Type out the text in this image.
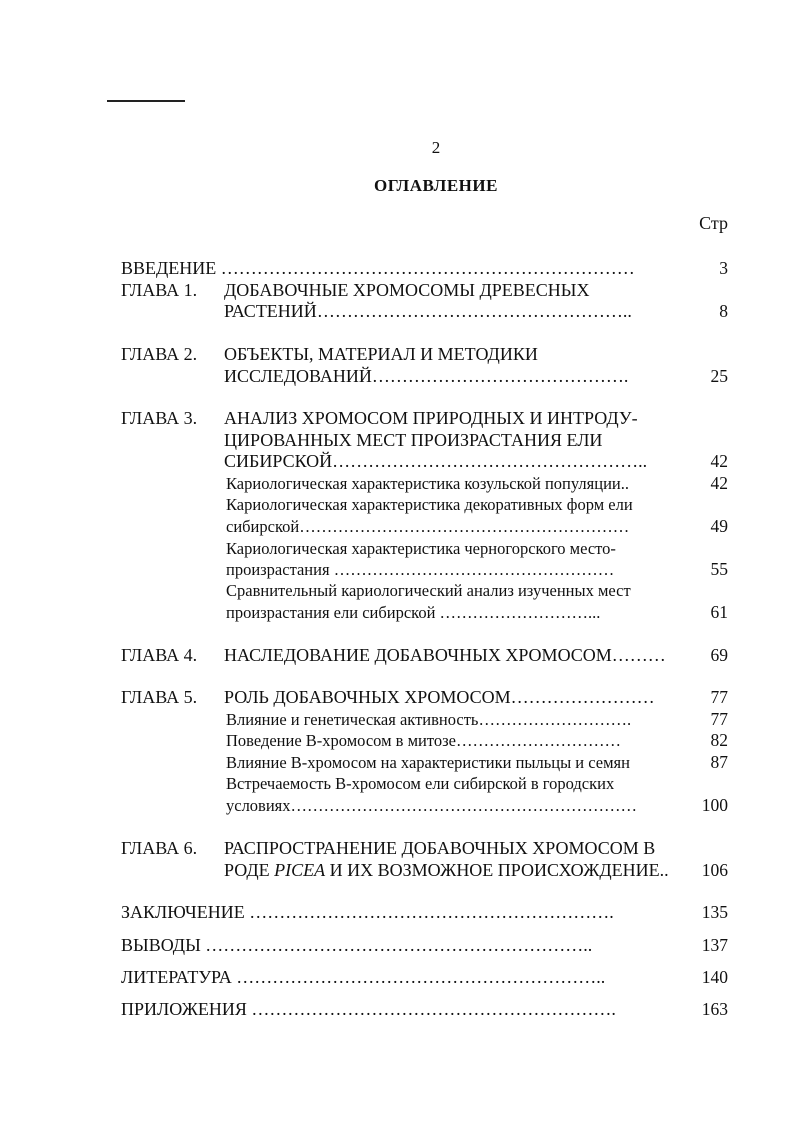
2
ОГЛАВЛЕНИЕ
Стр
ВВЕДЕНИЕ ……………………………………………………………	3
ГЛАВА 1. ДОБАВОЧНЫЕ ХРОМОСОМЫ ДРЕВЕСНЫХ
РАСТЕНИЙ……………………………………………..	8
ГЛАВА 2. ОБЪЕКТЫ, МАТЕРИАЛ И МЕТОДИКИ
ИССЛЕДОВАНИЙ…………………………………….	25
ГЛАВА 3. АНАЛИЗ ХРОМОСОМ ПРИРОДНЫХ И ИНТРОДУ-
ЦИРОВАННЫХ МЕСТ ПРОИЗРАСТАНИЯ ЕЛИ
СИБИРСКОЙ……………………………………………..	42
Кариологическая характеристика козульской популяции..	42
Кариологическая характеристика декоративных форм ели
сибирской……………………………………………………	49
Кариологическая характеристика черногорского место-
произрастания ……………………………………………	55
Сравнительный кариологический анализ изученных мест
произрастания ели сибирской ………………………...	61
ГЛАВА 4. НАСЛЕДОВАНИЕ ДОБАВОЧНЫХ ХРОМОСОМ………	69
ГЛАВА 5. РОЛЬ ДОБАВОЧНЫХ ХРОМОСОМ……………………	77
Влияние и генетическая активность……………………….	77
Поведение В-хромосом в митозе…………………………	82
Влияние В-хромосом на характеристики пыльцы и семян	87
Встречаемость В-хромосом ели сибирской в городских
условиях………………………………………………………	100
ГЛАВА 6. РАСПРОСТРАНЕНИЕ ДОБАВОЧНЫХ ХРОМОСОМ В
РОДЕ PICEA И ИХ ВОЗМОЖНОЕ ПРОИСХОЖДЕНИЕ..	106
ЗАКЛЮЧЕНИЕ …………………………………………………….	135
ВЫВОДЫ ………………………………………………………..	137
ЛИТЕРАТУРА ……………………………………………………..	140
ПРИЛОЖЕНИЯ …………………………………………………….	163
